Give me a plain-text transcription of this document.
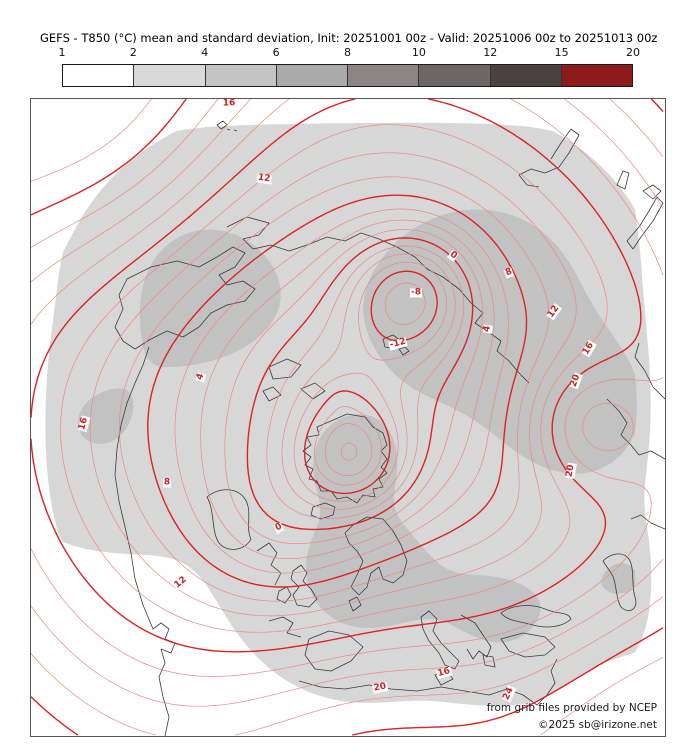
GEFS - T850 (°C) mean and standard deviation, Init: 20251001 00z - Valid: 20251006 00z to 20251013 00z
1	2	4	6	8	10	12	15	20
16
12
0
-8
8
12
-12	16
20
4
4
16
8
0
12
20
16
20	24
from grib files provided by NCEP
©2025 sb@irizone.net
